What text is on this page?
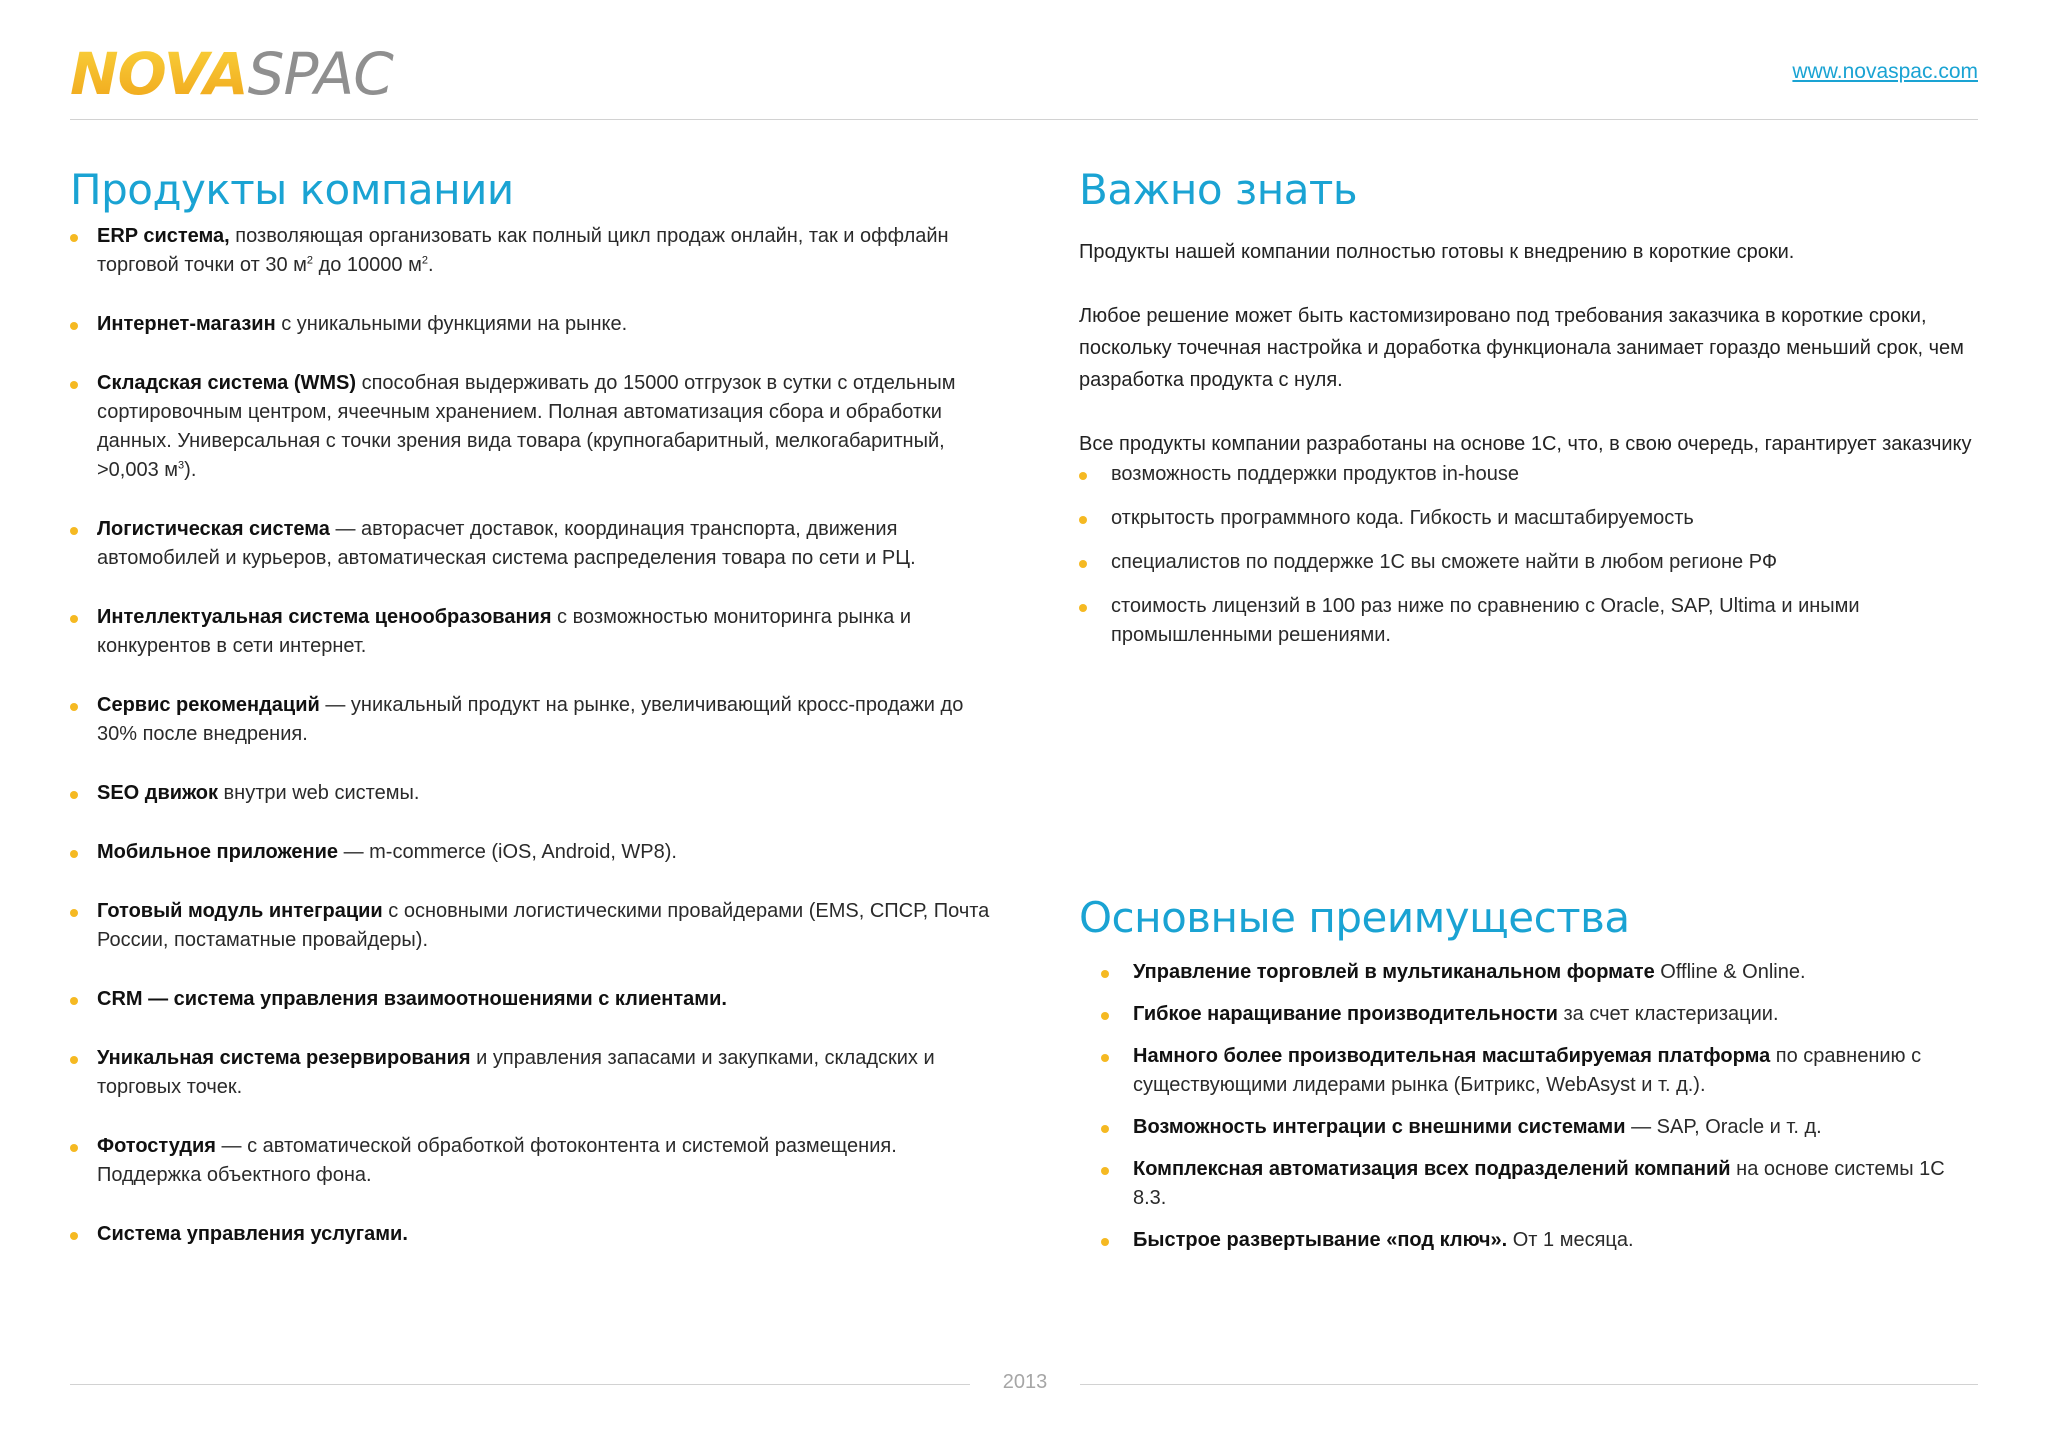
NOVASPAC	www.novaspac.com
Продукты компании
ERP система, позволяющая организовать как полный цикл продаж онлайн, так и оффлайн торговой точки от 30 $м^2$ до 10000 $м^2$.
Интернет-магазин с уникальными функциями на рынке.
Складская система (WMS) способная выдерживать до 15000 отгрузок в сутки с отдельным сортировочным центром, ячеечным хранением. Полная автоматизация сбора и обработки данных. Универсальная с точки зрения вида товара (крупногабаритный, мелкогабаритный, >0,003 $м^3$).
Логистическая система — авторасчет доставок, координация транспорта, движения автомобилей и курьеров, автоматическая система распределения товара по сети и РЦ.
Интеллектуальная система ценообразования с возможностью мониторинга рынка и конкурентов в сети интернет.
Сервис рекомендаций — уникальный продукт на рынке, увеличивающий кросс-продажи до 30% после внедрения.
SEO движок внутри web системы.
Мобильное приложение — m-commerce (iOS, Android, WP8).
Готовый модуль интеграции с основными логистическими провайдерами (EMS, СПСР, Почта России, постаматные провайдеры).
CRM — система управления взаимоотношениями с клиентами.
Уникальная система резервирования и управления запасами и закупками, складских и торговых точек.
Фотостудия — с автоматической обработкой фотоконтента и системой размещения. Поддержка объектного фона.
Система управления услугами.
Важно знать

Продукты нашей компании полностью готовы к внедрению в короткие сроки.

Любое решение может быть кастомизировано под требования заказчика в короткие сроки, поскольку точечная настройка и доработка функционала занимает гораздо меньший срок, чем разработка продукта с нуля.

Все продукты компании разработаны на основе 1С, что, в свою очередь, гарантирует заказчику

возможность поддержки продуктов in-house
открытость программного кода. Гибкость и масштабируемость
специалистов по поддержке 1С вы сможете найти в любом регионе РФ
стоимость лицензий в 100 раз ниже по сравнению с Oracle, SAP, Ultima и иными промышленными решениями.
Основные преимущества
Управление торговлей в мультиканальном формате Offline & Online.
Гибкое наращивание производительности за счет кластеризации.
Намного более производительная масштабируемая платформа по сравнению с существующими лидерами рынка (Битрикс, WebAsyst и т. д.).
Возможность интеграции с внешними системами — SAP, Oracle и т. д.
Комплексная автоматизация всех подразделений компаний на основе системы 1С 8.3.
Быстрое развертывание «под ключ». От 1 месяца.
2013
